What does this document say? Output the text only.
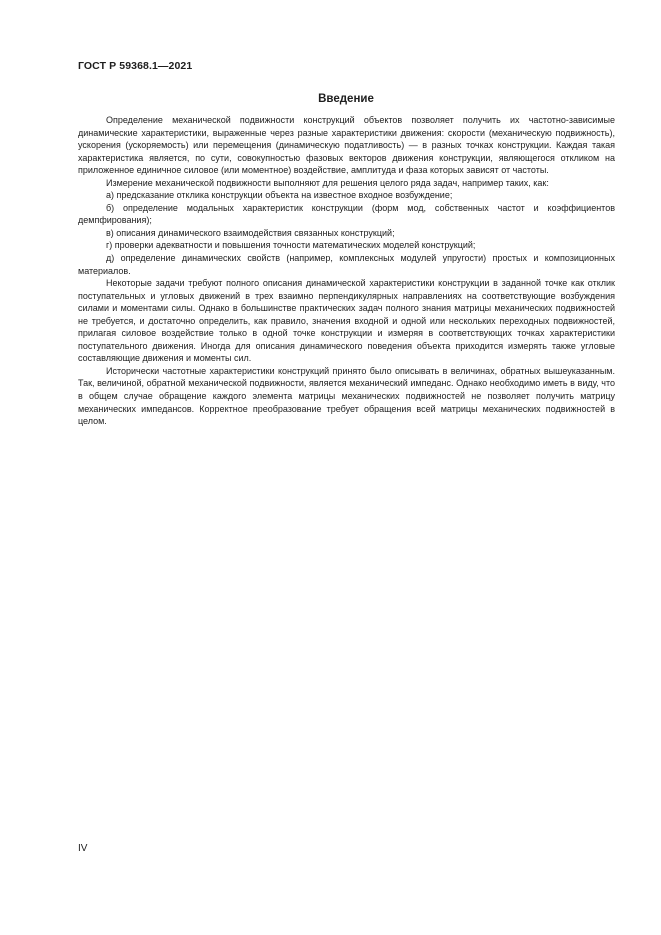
ГОСТ Р 59368.1—2021
Введение

Определение механической подвижности конструкций объектов позволяет получить их частотно-зависимые динамические характеристики, выраженные через разные характеристики движения: скорости (механическую подвижность), ускорения (ускоряемость) или перемещения (динамическую податливость) — в разных точках конструкции. Каждая такая характеристика является, по сути, совокупностью фазовых векторов движения конструкции, являющегося откликом на приложенное единичное силовое (или моментное) воздействие, амплитуда и фаза которых зависят от частоты.

Измерение механической подвижности выполняют для решения целого ряда задач, например таких, как:

а) предсказание отклика конструкции объекта на известное входное возбуждение;

б) определение модальных характеристик конструкции (форм мод, собственных частот и коэффициентов демпфирования);

в) описания динамического взаимодействия связанных конструкций;

г) проверки адекватности и повышения точности математических моделей конструкций;

д) определение динамических свойств (например, комплексных модулей упругости) простых и композиционных материалов.

Некоторые задачи требуют полного описания динамической характеристики конструкции в заданной точке как отклик поступательных и угловых движений в трех взаимно перпендикулярных направлениях на соответствующие возбуждения силами и моментами силы. Однако в большинстве практических задач полного знания матрицы механических подвижностей не требуется, и достаточно определить, как правило, значения входной и одной или нескольких переходных подвижностей, прилагая силовое воздействие только в одной точке конструкции и измеряя в соответствующих точках характеристики поступательного движения. Иногда для описания динамического поведения объекта приходится измерять также угловые составляющие движения и моменты сил.

Исторически частотные характеристики конструкций принято было описывать в величинах, обратных вышеуказанным. Так, величиной, обратной механической подвижности, является механический импеданс. Однако необходимо иметь в виду, что в общем случае обращение каждого элемента матрицы механических подвижностей не позволяет получить матрицу механических импедансов. Корректное преобразование требует обращения всей матрицы механических подвижностей в целом.

IV
